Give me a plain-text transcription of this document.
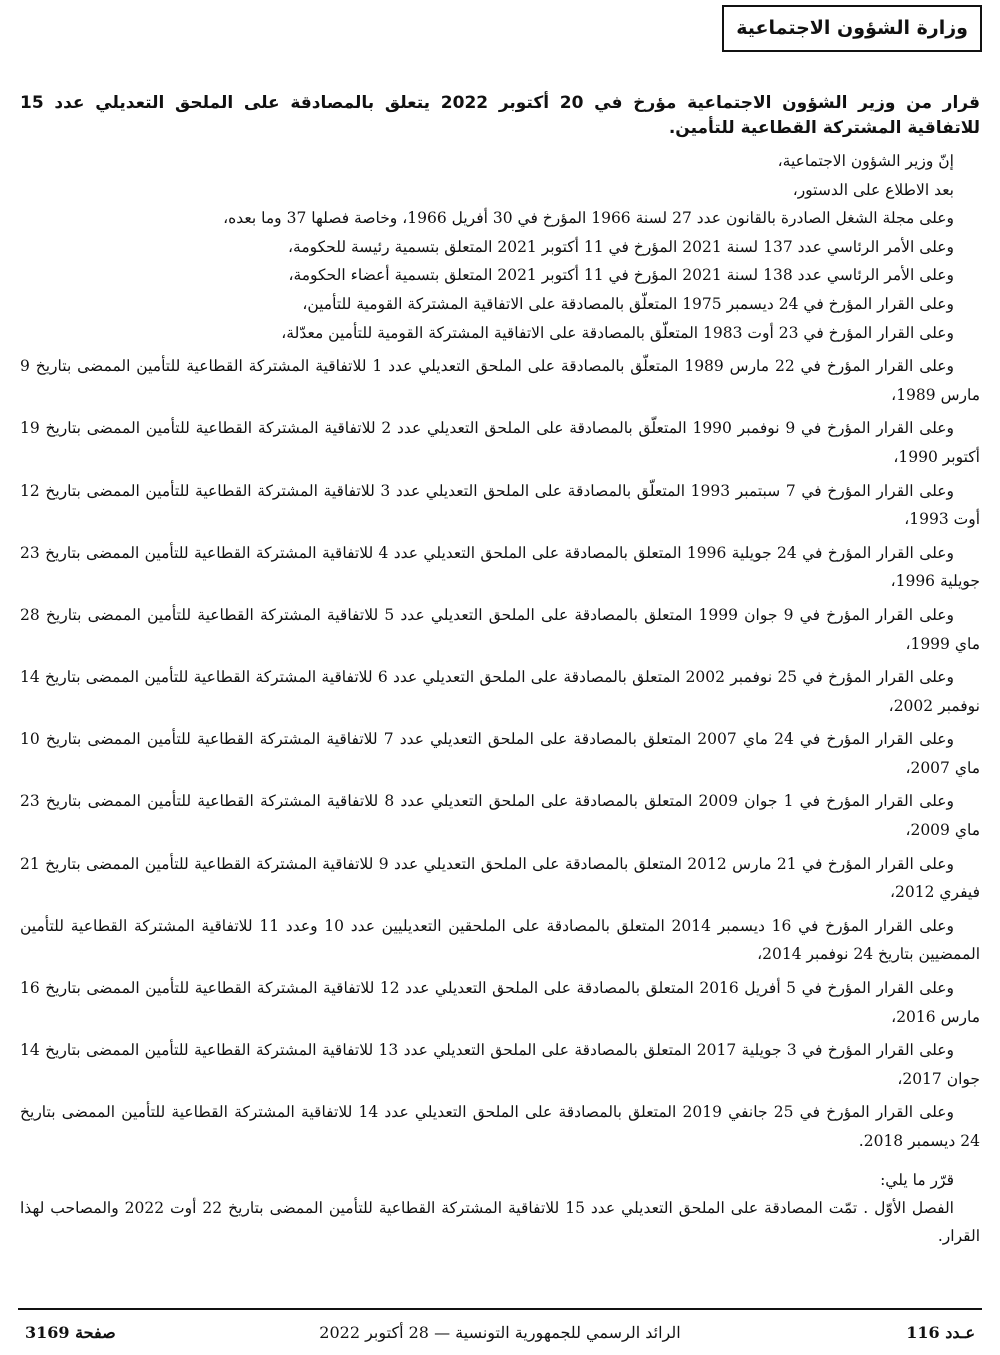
وزارة الشؤون الاجتماعية

قرار من وزير الشؤون الاجتماعية مؤرخ في 20 أكتوبر 2022 يتعلق بالمصادقة على الملحق التعديلي عدد 15 للاتفاقية المشتركة القطاعية للتأمين.

إنّ وزير الشؤون الاجتماعية،

بعد الاطلاع على الدستور،

وعلى مجلة الشغل الصادرة بالقانون عدد 27 لسنة 1966 المؤرخ في 30 أفريل 1966، وخاصة فصلها 37 وما بعده،

وعلى الأمر الرئاسي عدد 137 لسنة 2021 المؤرخ في 11 أكتوبر 2021 المتعلق بتسمية رئيسة للحكومة،

وعلى الأمر الرئاسي عدد 138 لسنة 2021 المؤرخ في 11 أكتوبر 2021 المتعلق بتسمية أعضاء الحكومة،

وعلى القرار المؤرخ في 24 ديسمبر 1975 المتعلّق بالمصادقة على الاتفاقية المشتركة القومية للتأمين،

وعلى القرار المؤرخ في 23 أوت 1983 المتعلّق بالمصادقة على الاتفاقية المشتركة القومية للتأمين معدّلة،

وعلى القرار المؤرخ في 22 مارس 1989 المتعلّق بالمصادقة على الملحق التعديلي عدد 1 للاتفاقية المشتركة القطاعية للتأمين الممضى بتاريخ 9 مارس 1989،

وعلى القرار المؤرخ في 9 نوفمبر 1990 المتعلّق بالمصادقة على الملحق التعديلي عدد 2 للاتفاقية المشتركة القطاعية للتأمين الممضى بتاريخ 19 أكتوبر 1990،

وعلى القرار المؤرخ في 7 سبتمبر 1993 المتعلّق بالمصادقة على الملحق التعديلي عدد 3 للاتفاقية المشتركة القطاعية للتأمين الممضى بتاريخ 12 أوت 1993،

وعلى القرار المؤرخ في 24 جويلية 1996 المتعلق بالمصادقة على الملحق التعديلي عدد 4 للاتفاقية المشتركة القطاعية للتأمين الممضى بتاريخ 23 جويلية 1996،

وعلى القرار المؤرخ في 9 جوان 1999 المتعلق بالمصادقة على الملحق التعديلي عدد 5 للاتفاقية المشتركة القطاعية للتأمين الممضى بتاريخ 28 ماي 1999،

وعلى القرار المؤرخ في 25 نوفمبر 2002 المتعلق بالمصادقة على الملحق التعديلي عدد 6 للاتفاقية المشتركة القطاعية للتأمين الممضى بتاريخ 14 نوفمبر 2002،

وعلى القرار المؤرخ في 24 ماي 2007 المتعلق بالمصادقة على الملحق التعديلي عدد 7 للاتفاقية المشتركة القطاعية للتأمين الممضى بتاريخ 10 ماي 2007،

وعلى القرار المؤرخ في 1 جوان 2009 المتعلق بالمصادقة على الملحق التعديلي عدد 8 للاتفاقية المشتركة القطاعية للتأمين الممضى بتاريخ 23 ماي 2009،

وعلى القرار المؤرخ في 21 مارس 2012 المتعلق بالمصادقة على الملحق التعديلي عدد 9 للاتفاقية المشتركة القطاعية للتأمين الممضى بتاريخ 21 فيفري 2012،

وعلى القرار المؤرخ في 16 ديسمبر 2014 المتعلق بالمصادقة على الملحقين التعديليين عدد 10 وعدد 11 للاتفاقية المشتركة القطاعية للتأمين الممضيين بتاريخ 24 نوفمبر 2014،

وعلى القرار المؤرخ في 5 أفريل 2016 المتعلق بالمصادقة على الملحق التعديلي عدد 12 للاتفاقية المشتركة القطاعية للتأمين الممضى بتاريخ 16 مارس 2016،

وعلى القرار المؤرخ في 3 جويلية 2017 المتعلق بالمصادقة على الملحق التعديلي عدد 13 للاتفاقية المشتركة القطاعية للتأمين الممضى بتاريخ 14 جوان 2017،

وعلى القرار المؤرخ في 25 جانفي 2019 المتعلق بالمصادقة على الملحق التعديلي عدد 14 للاتفاقية المشتركة القطاعية للتأمين الممضى بتاريخ 24 ديسمبر 2018.

قرّر ما يلي:

الفصل الأوّل . تمّت المصادقة على الملحق التعديلي عدد 15 للاتفاقية المشتركة القطاعية للتأمين الممضى بتاريخ 22 أوت 2022 والمصاحب لهذا القرار.

عـدد 116
الرائد الرسمي للجمهورية التونسية — 28 أكتوبر 2022
صفحة 3169
